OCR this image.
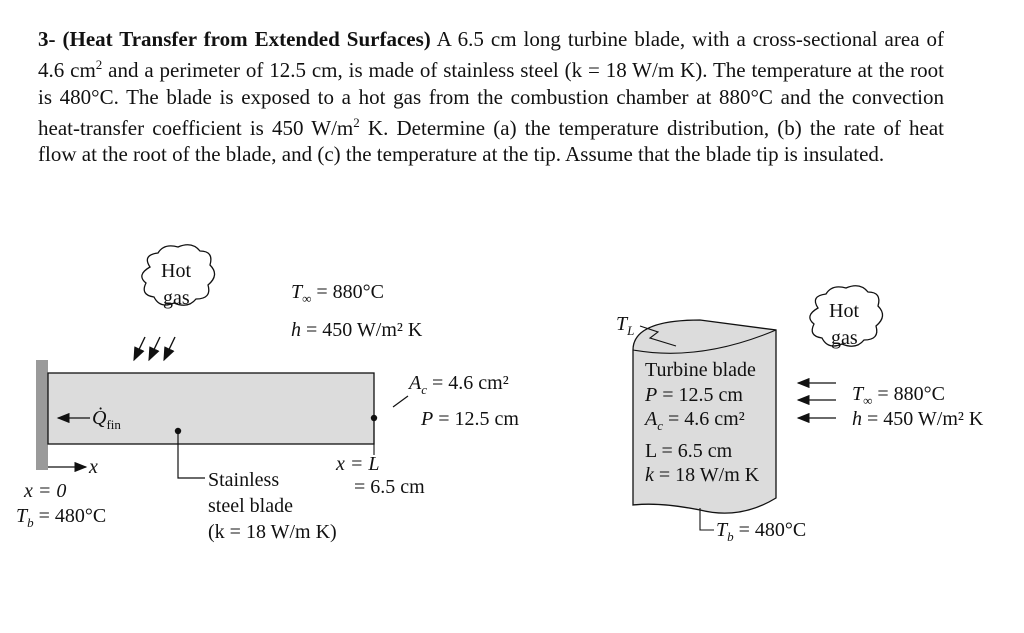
3- (Heat Transfer from Extended Surfaces) A 6.5 cm long turbine blade, with a cross-sectional area of 4.6 $cm^2$ and a perimeter of 12.5 cm, is made of stainless steel (k = 18 W/m K). The temperature at the root is 480°C. The blade is exposed to a hot gas from the combustion chamber at 880°C and the convection heat-transfer coefficient is 450 $W/m^2$ K. Determine (a) the temperature distribution, (b) the rate of heat flow at the root of the blade, and (c) the temperature at the tip. Assume that the blade tip is insulated.
Hot
gas	$T_\infty = 880^\circ C$
h = 450 W/m² K
$A_c = 4.6$ cm²
P = 12.5 cm
$Q̇_{fin}$
x
x = 0
$T_b = 480^\circ C$
Stainless
steel blade
(k = 18 W/m K)
x = L
= 6.5 cm
$T_L$
Turbine blade
P = 12.5 cm
$A_c = 4.6$ cm²
L = 6.5 cm
k = 18 W/m K
Hot
gas
$T_\infty = 880^\circ C$
h = 450 W/m² K
$T_b = 480^\circ C$
